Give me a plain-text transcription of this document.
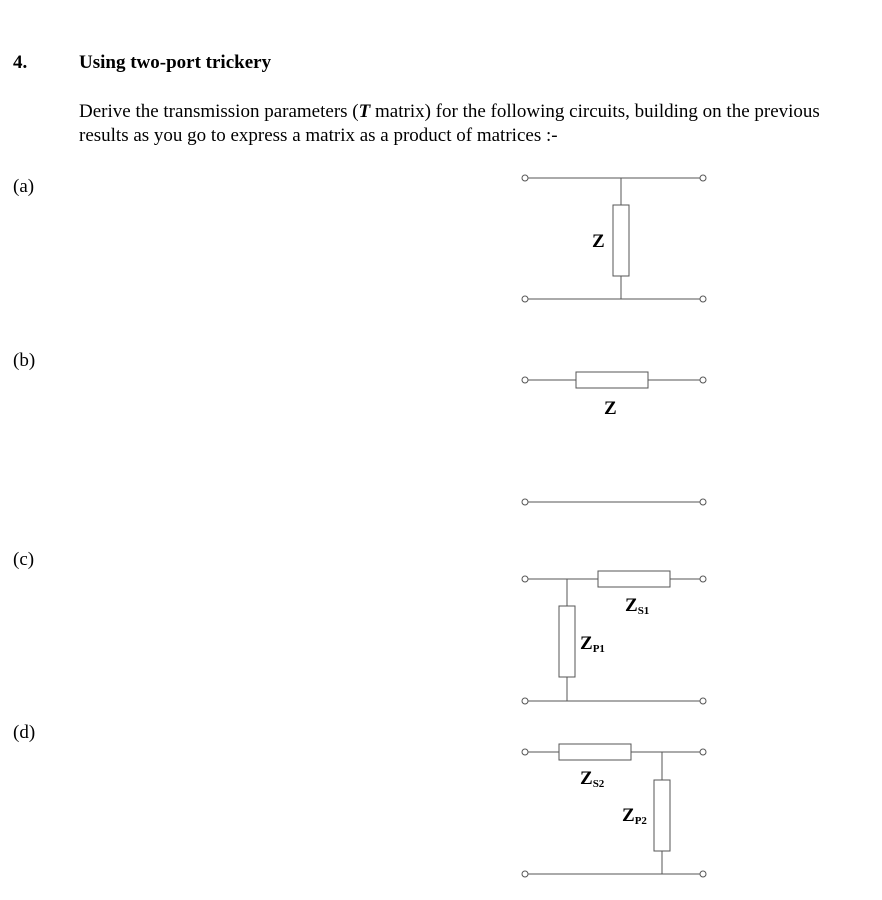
4.	Using two-port trickery
Derive the transmission parameters (T matrix) for the following circuits, building on the previous results as you go to express a matrix as a product of matrices :-
(a)
(b)
(c)
(d)
Z
Z
ZS1
ZP1
ZS2
ZP2
